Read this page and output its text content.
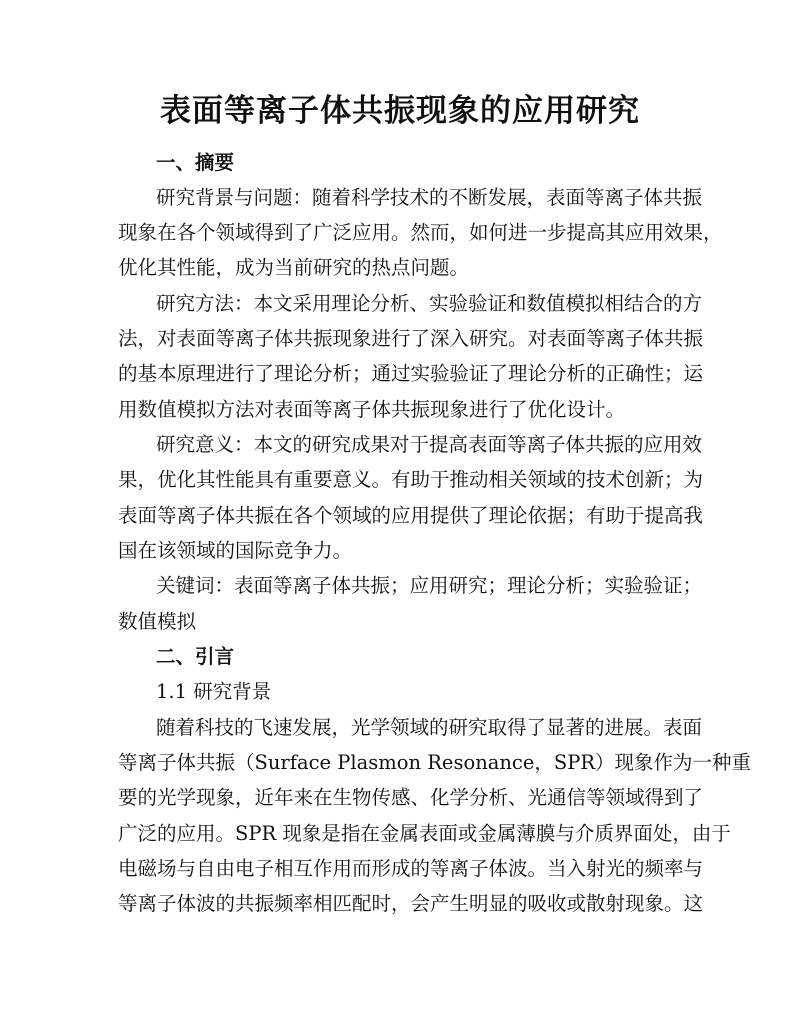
表面等离子体共振现象的应用研究
一、摘要
研究背景与问题：随着科学技术的不断发展，表面等离子体共振
现象在各个领域得到了广泛应用。然而，如何进一步提高其应用效果，
优化其性能，成为当前研究的热点问题。
研究方法：本文采用理论分析、实验验证和数值模拟相结合的方
法，对表面等离子体共振现象进行了深入研究。对表面等离子体共振
的基本原理进行了理论分析；通过实验验证了理论分析的正确性；运
用数值模拟方法对表面等离子体共振现象进行了优化设计。
研究意义：本文的研究成果对于提高表面等离子体共振的应用效
果，优化其性能具有重要意义。有助于推动相关领域的技术创新；为
表面等离子体共振在各个领域的应用提供了理论依据；有助于提高我
国在该领域的国际竞争力。
关键词：表面等离子体共振；应用研究；理论分析；实验验证；
数值模拟
二、引言
1.1 研究背景
随着科技的飞速发展，光学领域的研究取得了显著的进展。表面
等离子体共振（Surface Plasmon Resonance，SPR）现象作为一种重
要的光学现象，近年来在生物传感、化学分析、光通信等领域得到了
广泛的应用。SPR 现象是指在金属表面或金属薄膜与介质界面处，由于
电磁场与自由电子相互作用而形成的等离子体波。当入射光的频率与
等离子体波的共振频率相匹配时，会产生明显的吸收或散射现象。这
